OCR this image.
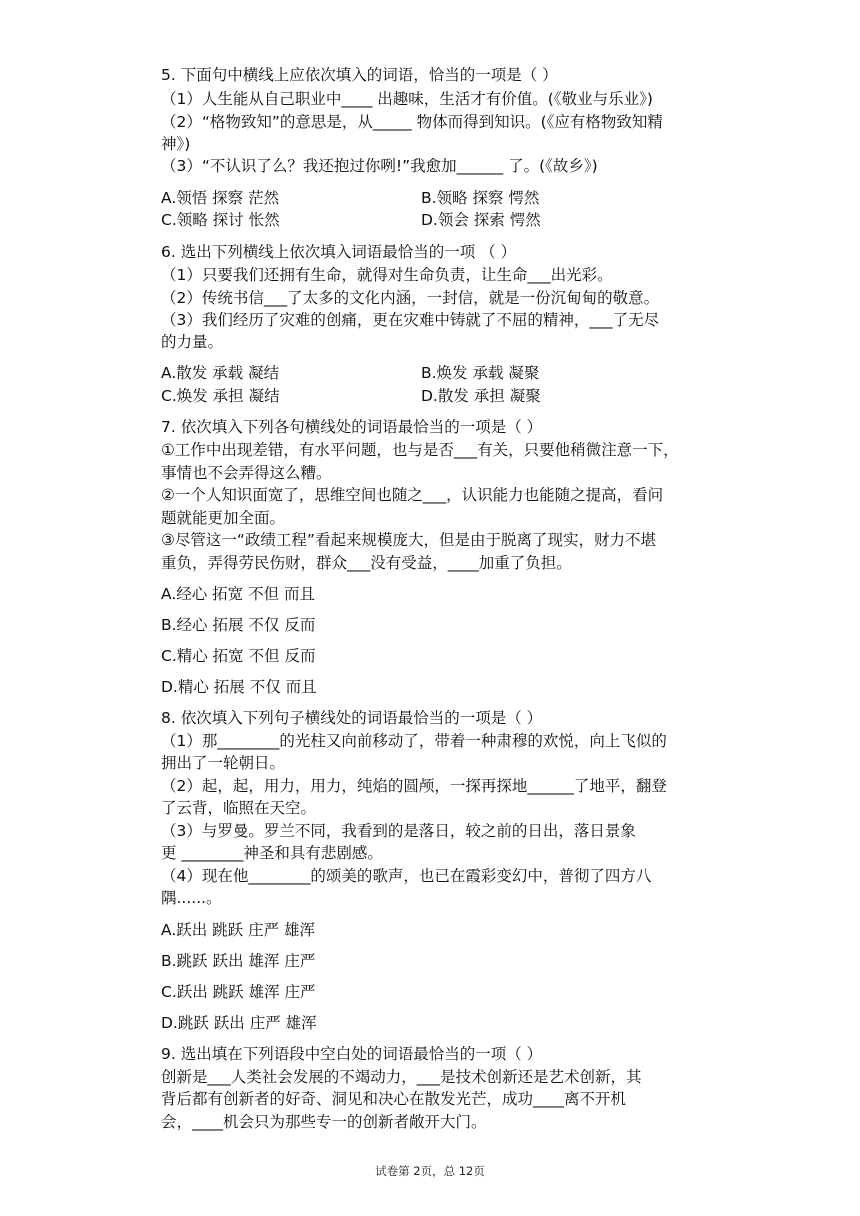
5. 下面句中横线上应依次填入的词语，恰当的一项是（ ）
（1）人生能从自己职业中____ 出趣味，生活才有价值。(《敬业与乐业》)
（2）“格物致知”的意思是，从_____ 物体而得到知识。(《应有格物致知精
神》)
（3）“不认识了么？我还抱过你咧!”我愈加______ 了。(《故乡》)
A.领悟 探察 茫然	B.领略 探察 愕然
C.领略 探讨 怅然	D.领会 探索 愕然
6. 选出下列横线上依次填入词语最恰当的一项 （ ）
（1）只要我们还拥有生命，就得对生命负责，让生命___出光彩。
（2）传统书信___了太多的文化内涵，一封信，就是一份沉甸甸的敬意。
（3）我们经历了灾难的创痛，更在灾难中铸就了不屈的精神，___了无尽
的力量。
A.散发 承载 凝结	B.焕发 承载 凝聚
C.焕发 承担 凝结	D.散发 承担 凝聚
7. 依次填入下列各句横线处的词语最恰当的一项是（ ）
①工作中出现差错，有水平问题，也与是否___有关，只要他稍微注意一下，
事情也不会弄得这么糟。
②一个人知识面宽了，思维空间也随之___，认识能力也能随之提高，看问
题就能更加全面。
③尽管这一“政绩工程”看起来规模庞大，但是由于脱离了现实，财力不堪
重负，弄得劳民伤财，群众___没有受益，____加重了负担。
A.经心 拓宽 不但 而且
B.经心 拓展 不仅 反而
C.精心 拓宽 不但 反而
D.精心 拓展 不仅 而且
8. 依次填入下列句子横线处的词语最恰当的一项是（ ）
（1）那________的光柱又向前移动了，带着一种肃穆的欢悦，向上飞似的
拥出了一轮朝日。
（2）起，起，用力，用力，纯焰的圆颅，一探再探地______了地平，翻登
了云背，临照在天空。
（3）与罗曼。罗兰不同，我看到的是落日，较之前的日出，落日景象
更 ________神圣和具有悲剧感。
（4）现在他________的颂美的歌声，也已在霞彩变幻中，普彻了四方八
隅......。
A.跃出 跳跃 庄严 雄浑
B.跳跃 跃出 雄浑 庄严
C.跃出 跳跃 雄浑 庄严
D.跳跃 跃出 庄严 雄浑
9. 选出填在下列语段中空白处的词语最恰当的一项（ ）
创新是___人类社会发展的不竭动力，___是技术创新还是艺术创新，其
背后都有创新者的好奇、洞见和决心在散发光芒，成功____离不开机
会，____机会只为那些专一的创新者敞开大门。
试卷第 2页，总 12页
